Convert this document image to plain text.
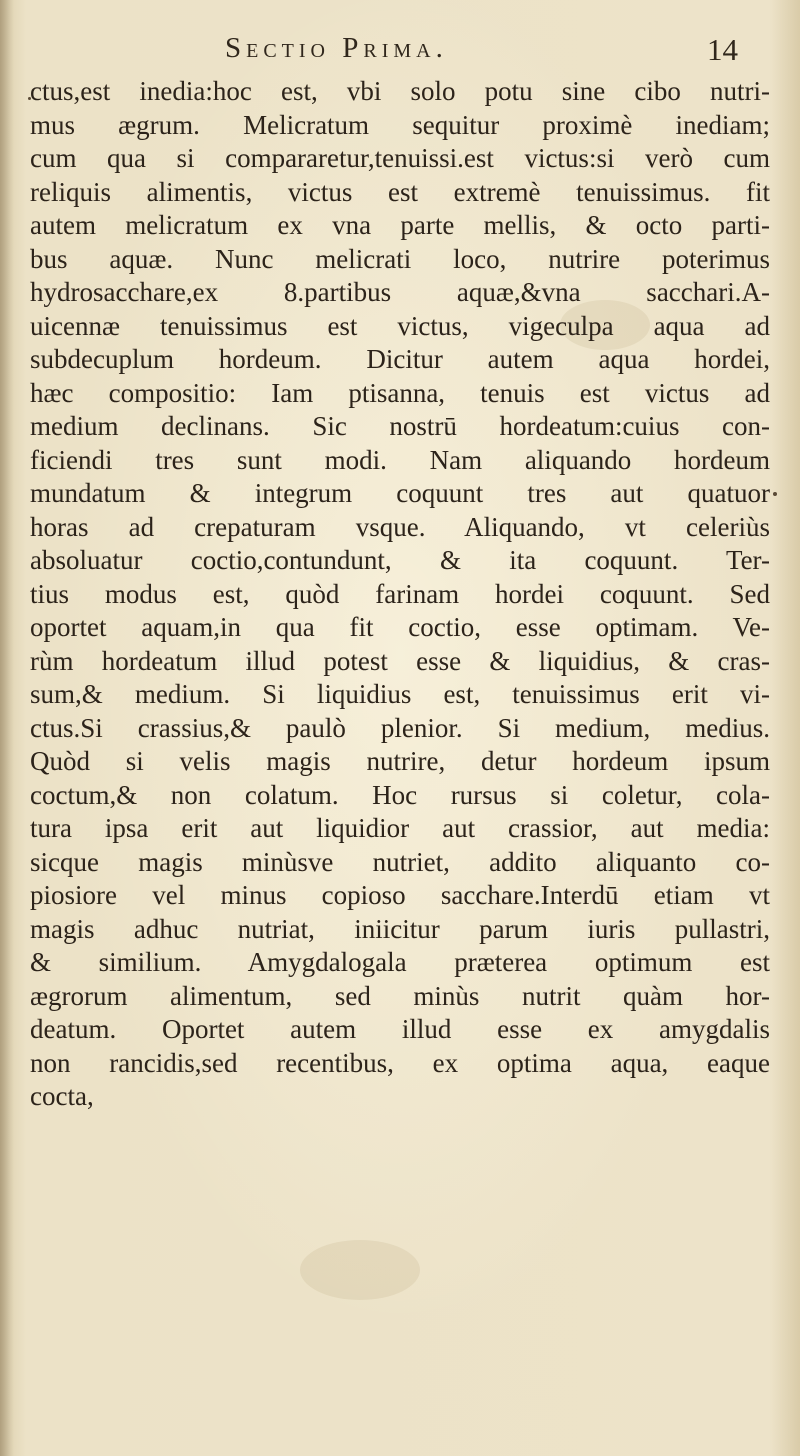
Sectio Prima.	14
ctus,est inedia:hoc est, vbi solo potu sine cibo nutri-
mus ægrum. Melicratum sequitur proximè inediam;
cum qua si compararetur,tenuissi.est victus:si verò cum
reliquis alimentis, victus est extremè tenuissimus. fit
autem melicratum ex vna parte mellis, & octo parti-
bus aquæ. Nunc melicrati loco, nutrire poterimus
hydrosacchare,ex 8.partibus aquæ,&vna sacchari.A-
uicennæ tenuissimus est victus, vigeculpa aqua ad
subdecuplum hordeum. Dicitur autem aqua hordei,
hæc compositio: Iam ptisanna, tenuis est victus ad
medium declinans. Sic nostrū hordeatum:cuius con-
ficiendi tres sunt modi. Nam aliquando hordeum
mundatum & integrum coquunt tres aut quatuor
horas ad crepaturam vsque. Aliquando, vt celeriùs
absoluatur coctio,contundunt, & ita coquunt. Ter-
tius modus est, quòd farinam hordei coquunt. Sed
oportet aquam,in qua fit coctio, esse optimam. Ve-
rùm hordeatum illud potest esse & liquidius, & cras-
sum,& medium. Si liquidius est, tenuissimus erit vi-
ctus.Si crassius,& paulò plenior. Si medium, medius.
Quòd si velis magis nutrire, detur hordeum ipsum
coctum,& non colatum. Hoc rursus si coletur, cola-
tura ipsa erit aut liquidior aut crassior, aut media:
sicque magis minùsve nutriet, addito aliquanto co-
piosiore vel minus copioso sacchare.Interdū etiam vt
magis adhuc nutriat, iniicitur parum iuris pullastri,
& similium. Amygdalogala præterea optimum est
ægrorum alimentum, sed minùs nutrit quàm hor-
deatum. Oportet autem illud esse ex amygdalis
non rancidis,sed recentibus, ex optima aqua, eaque
cocta,
